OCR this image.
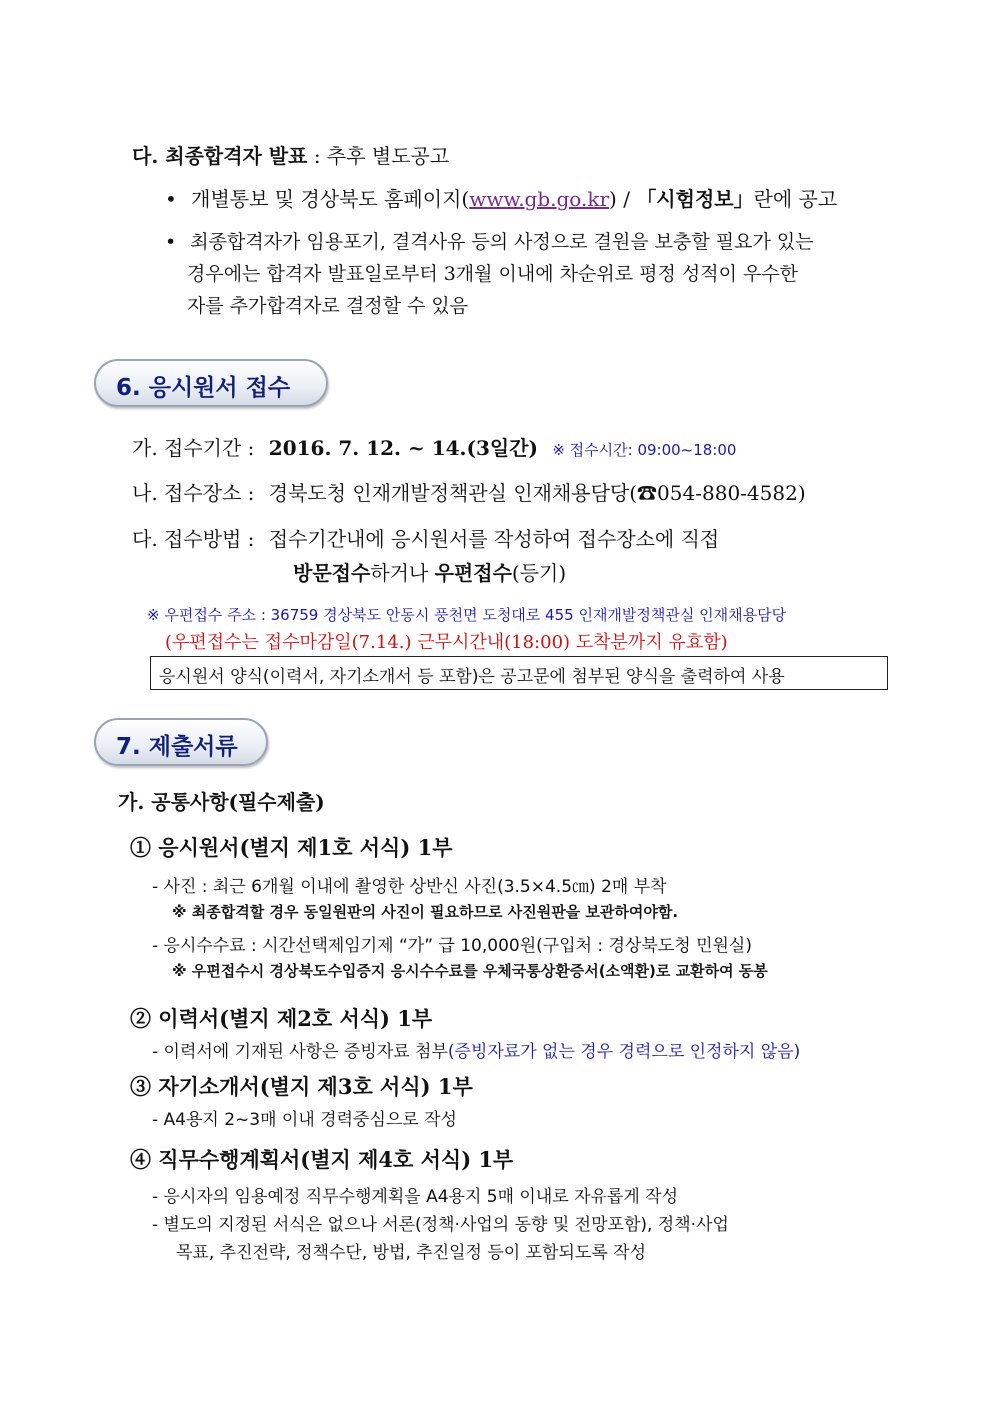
다. 최종합격자 발표 : 추후 별도공고
• 개별통보 및 경상북도 홈페이지(www.gb.go.kr) / 「시험정보」란에 공고
• 최종합격자가 임용포기, 결격사유 등의 사정으로 결원을 보충할 필요가 있는
경우에는 합격자 발표일로부터 3개월 이내에 차순위로 평정 성적이 우수한
자를 추가합격자로 결정할 수 있음
6. 응시원서 접수
가. 접수기간 : 2016. 7. 12. ~ 14.(3일간) ※ 접수시간: 09:00~18:00
나. 접수장소 : 경북도청 인재개발정책관실 인재채용담당(☎054-880-4582)
다. 접수방법 : 접수기간내에 응시원서를 작성하여 접수장소에 직접
방문접수하거나 우편접수(등기)
※ 우편접수 주소 : 36759 경상북도 안동시 풍천면 도청대로 455 인재개발정책관실 인재채용담당
(우편접수는 접수마감일(7.14.) 근무시간내(18:00) 도착분까지 유효함)
응시원서 양식(이력서, 자기소개서 등 포함)은 공고문에 첨부된 양식을 출력하여 사용
7. 제출서류
가. 공통사항(필수제출)
① 응시원서(별지 제1호 서식) 1부
- 사진 : 최근 6개월 이내에 촬영한 상반신 사진(3.5×4.5㎝) 2매 부착
※ 최종합격할 경우 동일원판의 사진이 필요하므로 사진원판을 보관하여야함.
- 응시수수료 : 시간선택제임기제 “가” 급 10,000원(구입처 : 경상북도청 민원실)
※ 우편접수시 경상북도수입증지 응시수수료를 우체국통상환증서(소액환)로 교환하여 동봉
② 이력서(별지 제2호 서식) 1부
- 이력서에 기재된 사항은 증빙자료 첨부(증빙자료가 없는 경우 경력으로 인정하지 않음)
③ 자기소개서(별지 제3호 서식) 1부
- A4용지 2~3매 이내 경력중심으로 작성
④ 직무수행계획서(별지 제4호 서식) 1부
- 응시자의 임용예정 직무수행계획을 A4용지 5매 이내로 자유롭게 작성
- 별도의 지정된 서식은 없으나 서론(정책·사업의 동향 및 전망포함), 정책·사업
목표, 추진전략, 정책수단, 방법, 추진일정 등이 포함되도록 작성
